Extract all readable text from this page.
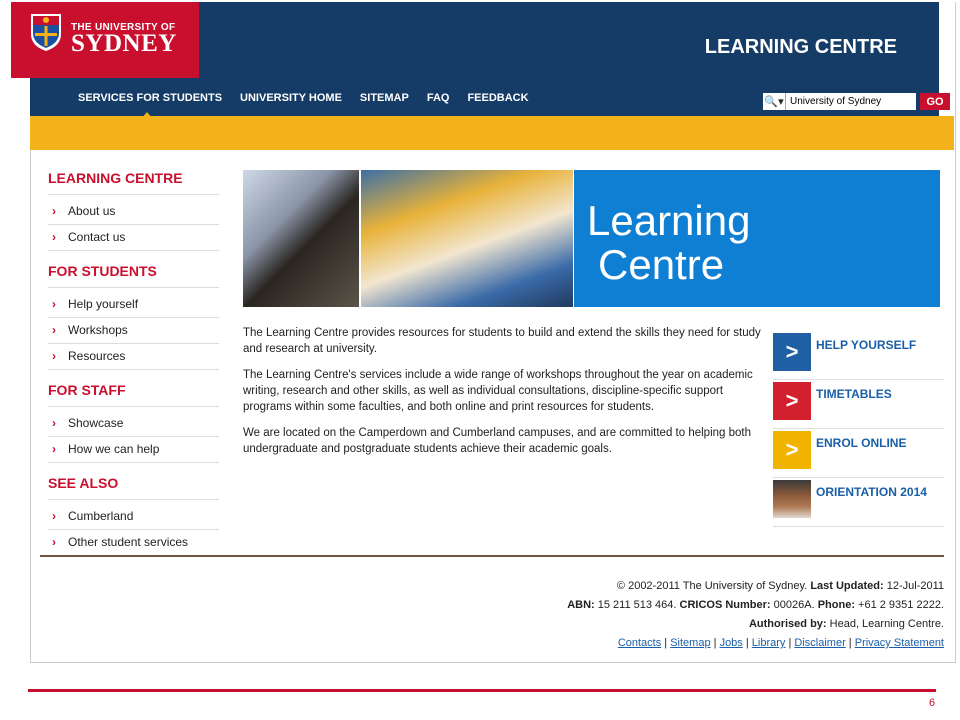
LEARNING CENTRE
SERVICES FOR STUDENTS UNIVERSITY HOME SITEMAP FAQ FEEDBACK	🔍▾
University of Sydney	GO
THE UNIVERSITY OF
SYDNEY
LEARNING CENTRE
› About us
› Contact us
FOR STUDENTS
› Help yourself
› Workshops
› Resources
FOR STAFF
› Showcase
› How we can help
SEE ALSO
› Cumberland
› Other student services
Learning
Centre

The Learning Centre provides resources for students to build and extend the skills they need for study and research at university.

The Learning Centre's services include a wide range of workshops throughout the year on academic writing, research and other skills, as well as individual consultations, discipline-specific support programs within some faculties, and both online and print resources for students.

We are located on the Camperdown and Cumberland campuses, and are committed to helping both undergraduate and postgraduate students achieve their academic goals.

>	HELP YOURSELF
>	TIMETABLES
>	ENROL ONLINE
ORIENTATION 2014
© 2002-2011 The University of Sydney. Last Updated: 12-Jul-2011
ABN: 15 211 513 464. CRICOS Number: 00026A. Phone: +61 2 9351 2222.
Authorised by: Head, Learning Centre.
Contacts | Sitemap | Jobs | Library | Disclaimer | Privacy Statement
6
